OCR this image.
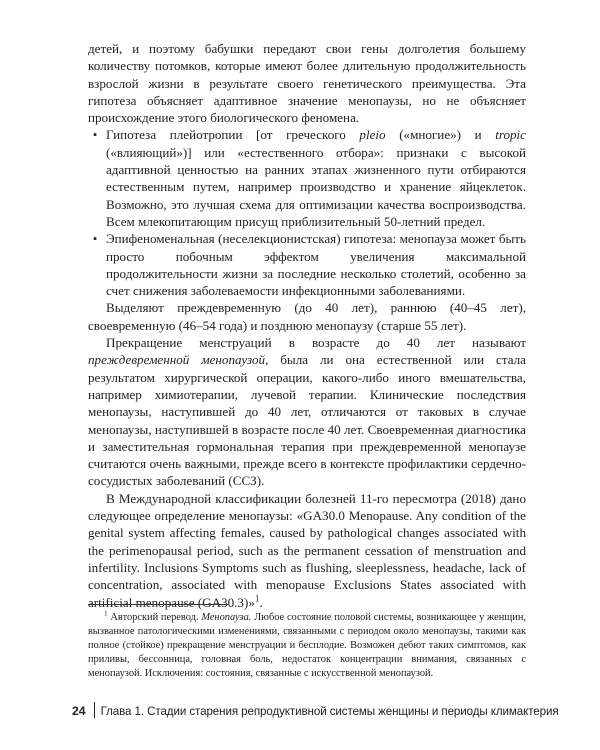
детей, и поэтому бабушки передают свои гены долголетия большему количеству потомков, которые имеют более длительную продолжительность взрослой жизни в результате своего генетического преимущества. Эта гипотеза объясняет адаптивное значение менопаузы, но не объясняет происхождение этого биологического феномена.

• Гипотеза плейотропии [от греческого pleio («многие») и tropic («влияющий»)] или «естественного отбора»: признаки с высокой адаптивной ценностью на ранних этапах жизненного пути отбираются естественным путем, например производство и хранение яйцеклеток. Возможно, это лучшая схема для оптимизации качества воспроизводства. Всем млекопитающим присущ приблизительный 50-летний предел.
• Эпифеноменальная (неселекционистская) гипотеза: менопауза может быть просто побочным эффектом увеличения максимальной продолжительности жизни за последние несколько столетий, особенно за счет снижения заболеваемости инфекционными заболеваниями.

Выделяют преждевременную (до 40 лет), раннюю (40–45 лет), своевременную (46–54 года) и позднюю менопаузу (старше 55 лет).

Прекращение менструаций в возрасте до 40 лет называют преждевременной менопаузой, была ли она естественной или стала результатом хирургической операции, какого-либо иного вмешательства, например химиотерапии, лучевой терапии. Клинические последствия менопаузы, наступившей до 40 лет, отличаются от таковых в случае менопаузы, наступившей в возрасте после 40 лет. Своевременная диагностика и заместительная гормональная терапия при преждевременной менопаузе считаются очень важными, прежде всего в контексте профилактики сердечно-сосудистых заболеваний (ССЗ).

В Международной классификации болезней 11-го пересмотра (2018) дано следующее определение менопаузы: «GA30.0 Menopause. Any condition of the genital system affecting females, caused by pathological changes associated with the perimenopausal period, such as the permanent cessation of menstruation and infertility. Inclusions Symptoms such as flushing, sleeplessness, headache, lack of concentration, associated with menopause Exclusions States associated with artificial menopause (GA30.3)»$^1$.

$^1$ Авторский перевод. Менопауза. Любое состояние половой системы, возникающее у женщин, вызванное патологическими изменениями, связанными с периодом около менопаузы, такими как полное (стойкое) прекращение менструации и бесплодие. Возможен дебют таких симптомов, как приливы, бессонница, головная боль, недостаток концентрации внимания, связанных с менопаузой. Исключения: состояния, связанные с искусственной менопаузой.
24 Глава 1. Стадии старения репродуктивной системы женщины и периоды климактерия
